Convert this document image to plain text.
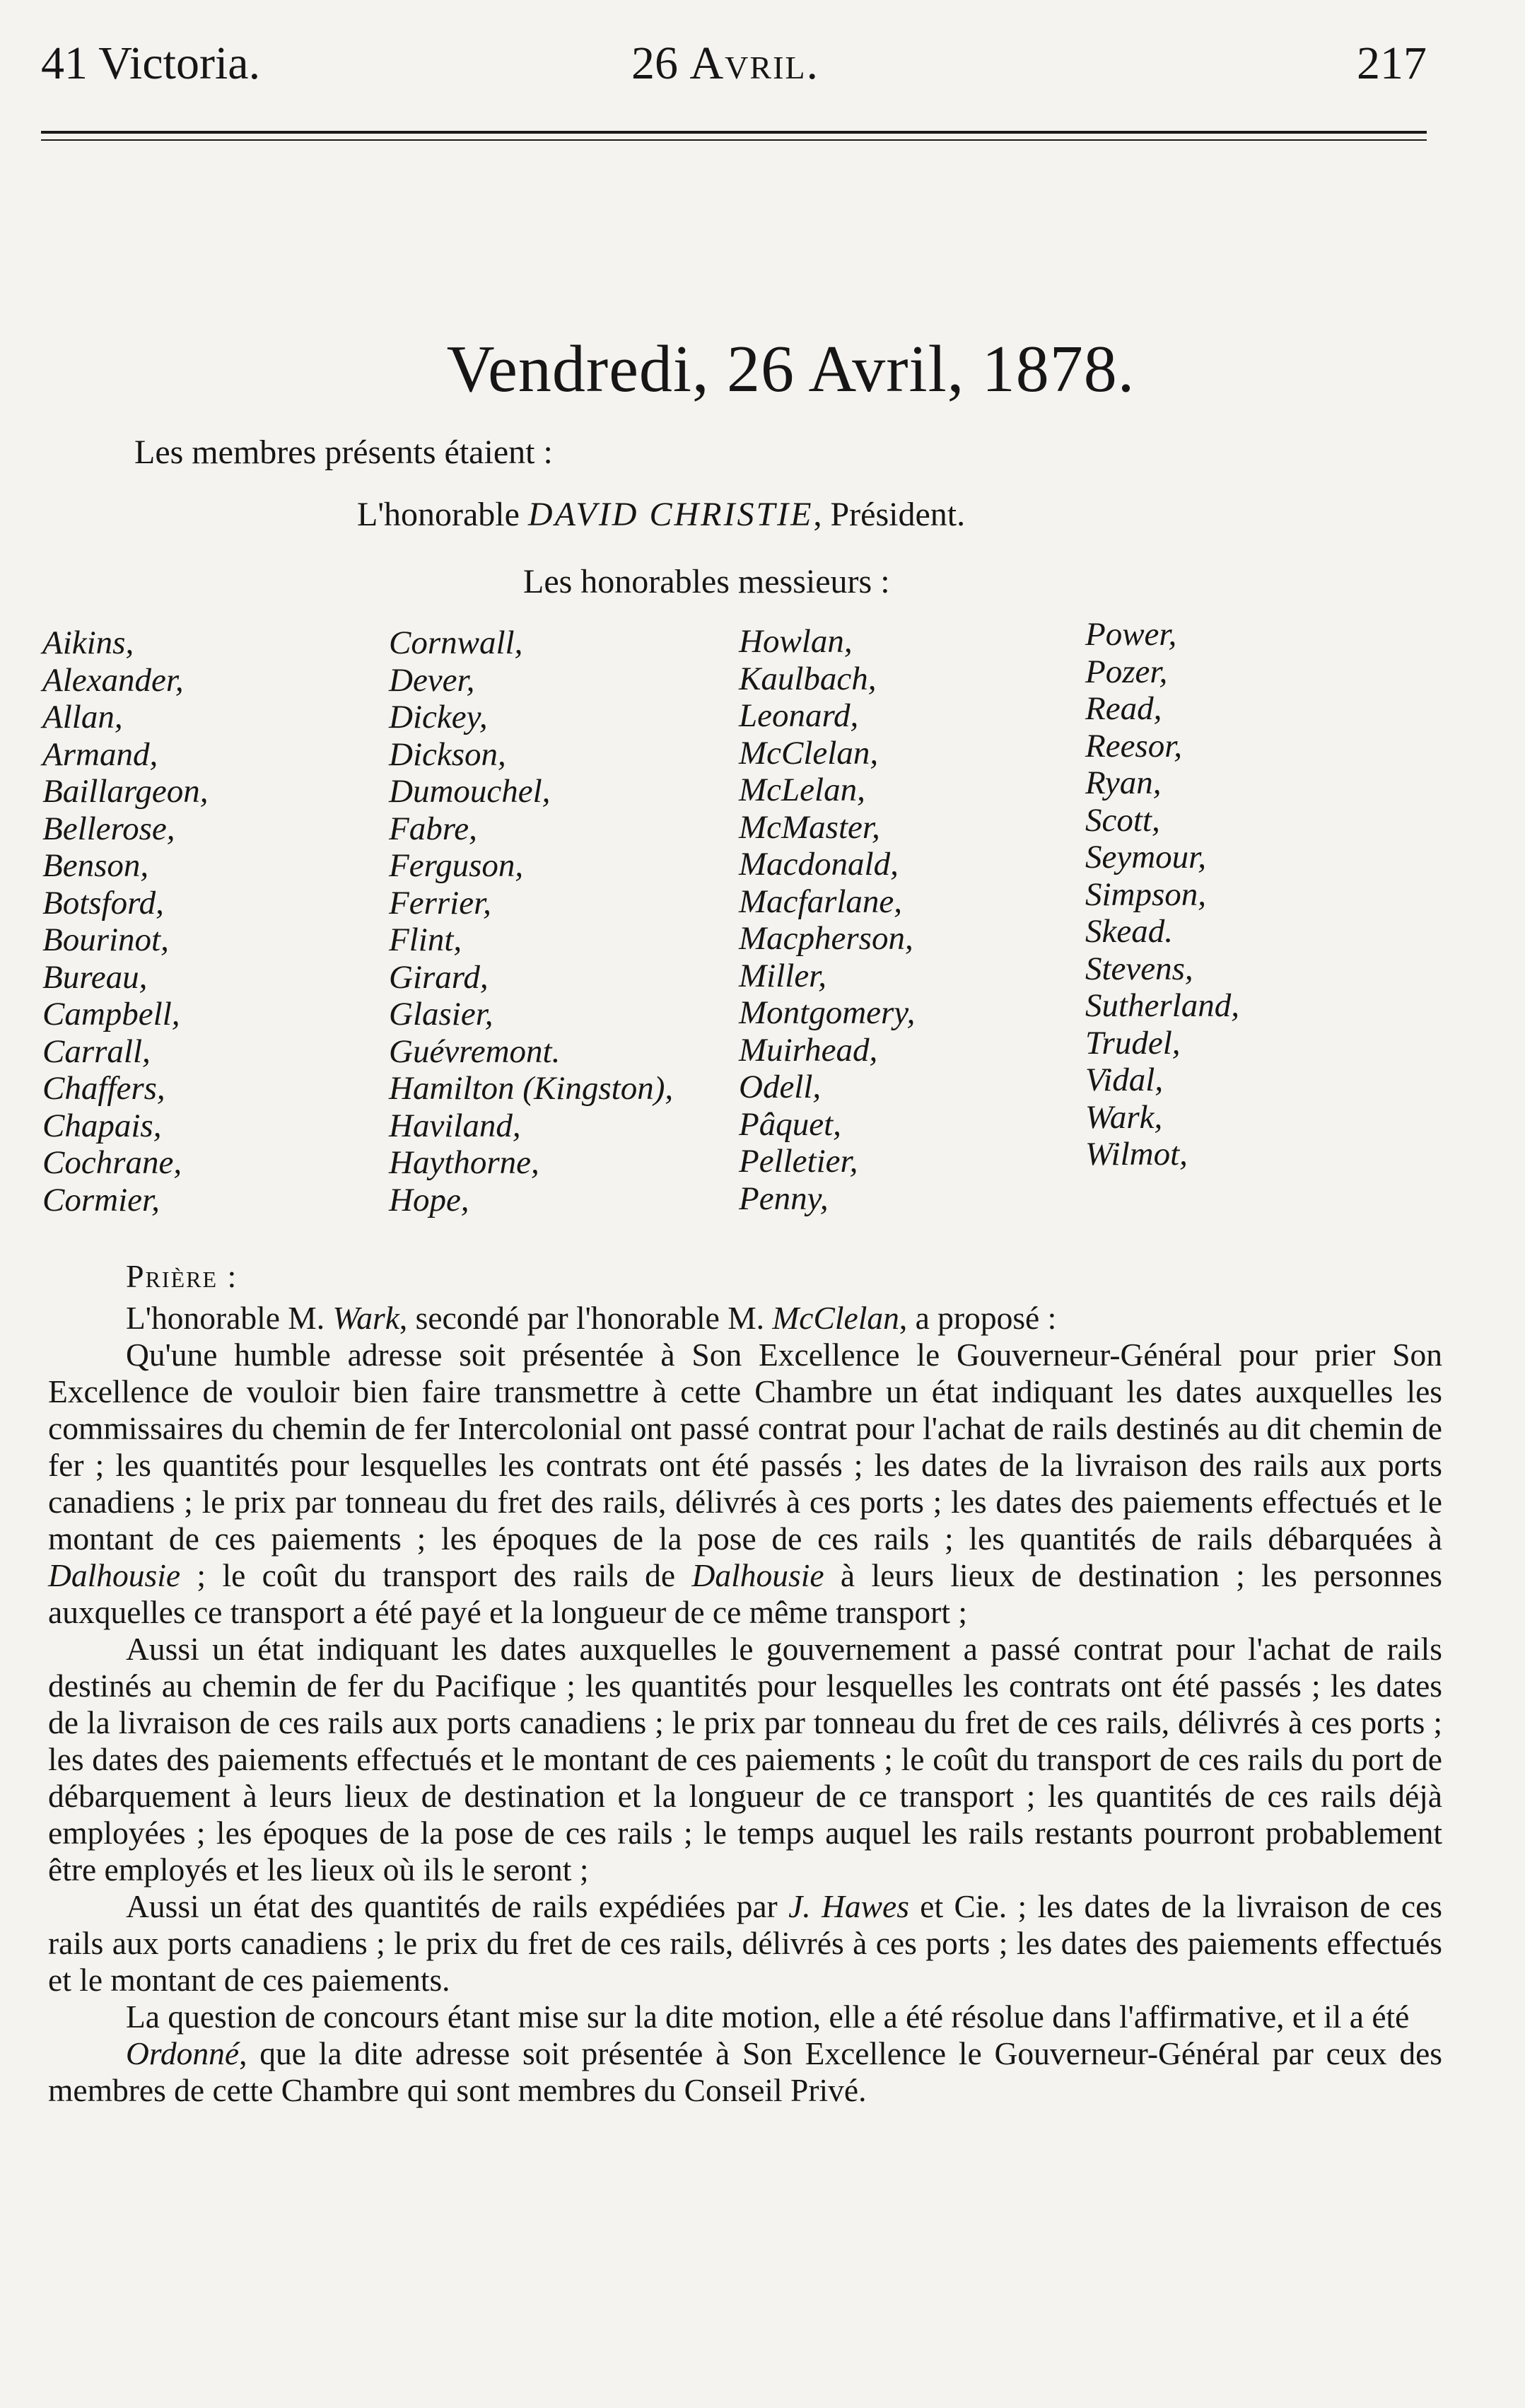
41 Victoria.	26 Avril.	217
Vendredi, 26 Avril, 1878.
Les membres présents étaient :
L'honorable DAVID CHRISTIE, Président.
Les honorables messieurs :
Aikins,
Alexander,
Allan,
Armand,
Baillargeon,
Bellerose,
Benson,
Botsford,
Bourinot,
Bureau,
Campbell,
Carrall,
Chaffers,
Chapais,
Cochrane,
Cormier,
Cornwall,
Dever,
Dickey,
Dickson,
Dumouchel,
Fabre,
Ferguson,
Ferrier,
Flint,
Girard,
Glasier,
Guévremont.
Hamilton (Kingston),
Haviland,
Haythorne,
Hope,
Howlan,
Kaulbach,
Leonard,
McClelan,
McLelan,
McMaster,
Macdonald,
Macfarlane,
Macpherson,
Miller,
Montgomery,
Muirhead,
Odell,
Pâquet,
Pelletier,
Penny,
Power,
Pozer,
Read,
Reesor,
Ryan,
Scott,
Seymour,
Simpson,
Skead.
Stevens,
Sutherland,
Trudel,
Vidal,
Wark,
Wilmot,
Prière :

L'honorable M. Wark, secondé par l'honorable M. McClelan, a proposé :

Qu'une humble adresse soit présentée à Son Excellence le Gouverneur-Général pour prier Son Excellence de vouloir bien faire transmettre à cette Chambre un état indiquant les dates auxquelles les commissaires du chemin de fer Intercolonial ont passé contrat pour l'achat de rails destinés au dit chemin de fer ; les quantités pour lesquelles les contrats ont été passés ; les dates de la livraison des rails aux ports canadiens ; le prix par tonneau du fret des rails, délivrés à ces ports ; les dates des paiements effectués et le montant de ces paiements ; les époques de la pose de ces rails ; les quantités de rails débarquées à Dalhousie ; le coût du transport des rails de Dalhousie à leurs lieux de destination ; les personnes auxquelles ce transport a été payé et la longueur de ce même transport ;

Aussi un état indiquant les dates auxquelles le gouvernement a passé contrat pour l'achat de rails destinés au chemin de fer du Pacifique ; les quantités pour lesquelles les contrats ont été passés ; les dates de la livraison de ces rails aux ports canadiens ; le prix par tonneau du fret de ces rails, délivrés à ces ports ; les dates des paiements effectués et le montant de ces paiements ; le coût du transport de ces rails du port de débarquement à leurs lieux de destination et la longueur de ce transport ; les quantités de ces rails déjà employées ; les époques de la pose de ces rails ; le temps auquel les rails restants pourront probablement être employés et les lieux où ils le seront ;

Aussi un état des quantités de rails expédiées par J. Hawes et Cie. ; les dates de la livraison de ces rails aux ports canadiens ; le prix du fret de ces rails, délivrés à ces ports ; les dates des paiements effectués et le montant de ces paiements.

La question de concours étant mise sur la dite motion, elle a été résolue dans l'affirmative, et il a été

Ordonné, que la dite adresse soit présentée à Son Excellence le Gouverneur-Général par ceux des membres de cette Chambre qui sont membres du Conseil Privé.
